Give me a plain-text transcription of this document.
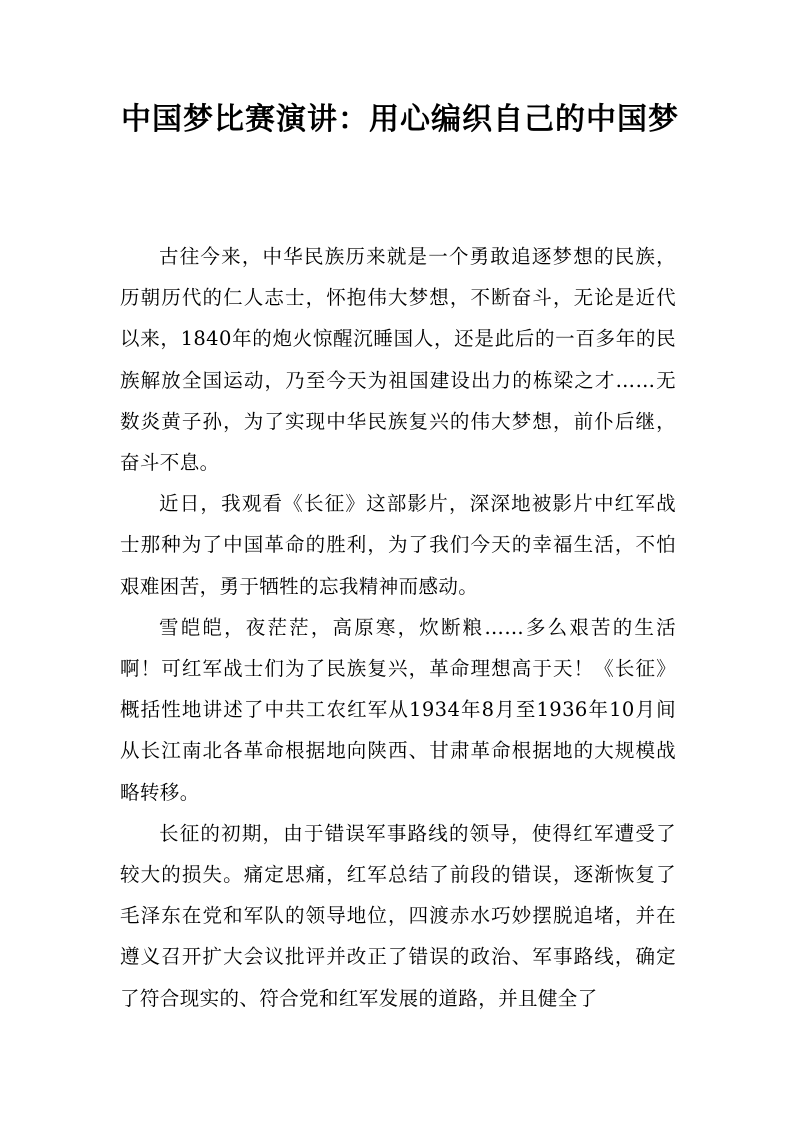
中国梦比赛演讲：用心编织自己的中国梦

古往今来，中华民族历来就是一个勇敢追逐梦想的民族，历朝历代的仁人志士，怀抱伟大梦想，不断奋斗，无论是近代以来，1840年的炮火惊醒沉睡国人，还是此后的一百多年的民族解放全国运动，乃至今天为祖国建设出力的栋梁之才……无数炎黄子孙，为了实现中华民族复兴的伟大梦想，前仆后继，奋斗不息。

近日，我观看《长征》这部影片，深深地被影片中红军战士那种为了中国革命的胜利，为了我们今天的幸福生活，不怕艰难困苦，勇于牺牲的忘我精神而感动。

雪皑皑，夜茫茫，高原寒，炊断粮……多么艰苦的生活啊！可红军战士们为了民族复兴，革命理想高于天！《长征》概括性地讲述了中共工农红军从1934年8月至1936年10月间从长江南北各革命根据地向陕西、甘肃革命根据地的大规模战略转移。

长征的初期，由于错误军事路线的领导，使得红军遭受了较大的损失。痛定思痛，红军总结了前段的错误，逐渐恢复了毛泽东在党和军队的领导地位，四渡赤水巧妙摆脱追堵，并在遵义召开扩大会议批评并改正了错误的政治、军事路线，确定了符合现实的、符合党和红军发展的道路，并且健全了
